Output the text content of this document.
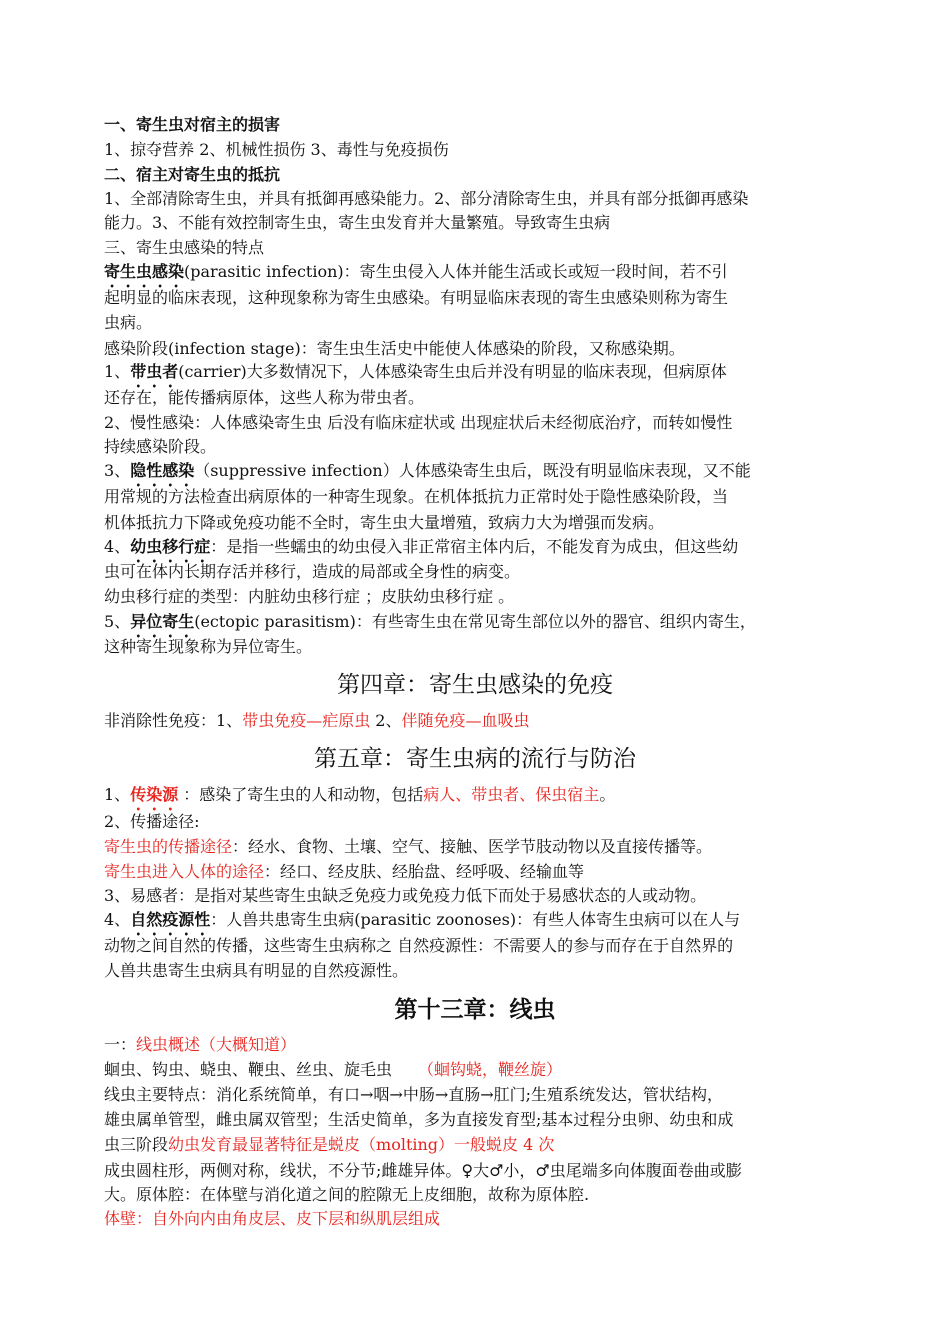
一、寄生虫对宿主的损害
1、掠夺营养 2、机械性损伤 3、毒性与免疫损伤
二、宿主对寄生虫的抵抗
1、全部清除寄生虫，并具有抵御再感染能力。2、部分清除寄生虫，并具有部分抵御再感染
能力。3、不能有效控制寄生虫，寄生虫发育并大量繁殖。导致寄生虫病
三、寄生虫感染的特点
寄生虫感染(parasitic infection)：寄生虫侵入人体并能生活或长或短一段时间，若不引
起明显的临床表现，这种现象称为寄生虫感染。有明显临床表现的寄生虫感染则称为寄生
虫病。
感染阶段(infection stage)：寄生虫生活史中能使人体感染的阶段，又称感染期。
1、带虫者(carrier)大多数情况下，人体感染寄生虫后并没有明显的临床表现，但病原体
还存在，能传播病原体，这些人称为带虫者。
2、慢性感染：人体感染寄生虫 后没有临床症状或 出现症状后未经彻底治疗，而转如慢性
持续感染阶段。
3、隐性感染（suppressive infection）人体感染寄生虫后，既没有明显临床表现，又不能
用常规的方法检查出病原体的一种寄生现象。在机体抵抗力正常时处于隐性感染阶段，当
机体抵抗力下降或免疫功能不全时，寄生虫大量增殖，致病力大为增强而发病。
4、幼虫移行症：是指一些蠕虫的幼虫侵入非正常宿主体内后，不能发育为成虫，但这些幼
虫可在体内长期存活并移行，造成的局部或全身性的病变。
幼虫移行症的类型：内脏幼虫移行症 ；皮肤幼虫移行症 。
5、异位寄生(ectopic parasitism)：有些寄生虫在常见寄生部位以外的器官、组织内寄生，
这种寄生现象称为异位寄生。
第四章：寄生虫感染的免疫
非消除性免疫：1、带虫免疫—疟原虫 2、伴随免疫—血吸虫
第五章：寄生虫病的流行与防治
1、传染源 ：感染了寄生虫的人和动物，包括病人、带虫者、保虫宿主。
2、传播途径:
寄生虫的传播途径：经水、食物、土壤、空气、接触、医学节肢动物以及直接传播等。
寄生虫进入人体的途径：经口、经皮肤、经胎盘、经呼吸、经输血等
3、易感者：是指对某些寄生虫缺乏免疫力或免疫力低下而处于易感状态的人或动物。
4、自然疫源性：人兽共患寄生虫病(parasitic zoonoses)：有些人体寄生虫病可以在人与
动物之间自然的传播，这些寄生虫病称之 自然疫源性：不需要人的参与而存在于自然界的
人兽共患寄生虫病具有明显的自然疫源性。
第十三章：线虫
一：线虫概述（大概知道）
蛔虫、钩虫、蛲虫、鞭虫、丝虫、旋毛虫 （蛔钩蛲，鞭丝旋）
线虫主要特点：消化系统简单，有口→咽→中肠→直肠→肛门;生殖系统发达，管状结构，
雄虫属单管型，雌虫属双管型；生活史简单，多为直接发育型;基本过程分虫卵、幼虫和成
虫三阶段幼虫发育最显著特征是蜕皮（molting）一般蜕皮 4 次
成虫圆柱形，两侧对称，线状，不分节;雌雄异体。♀大♂小，♂虫尾端多向体腹面卷曲或膨
大。原体腔：在体壁与消化道之间的腔隙无上皮细胞，故称为原体腔.
体壁：自外向内由角皮层、皮下层和纵肌层组成
